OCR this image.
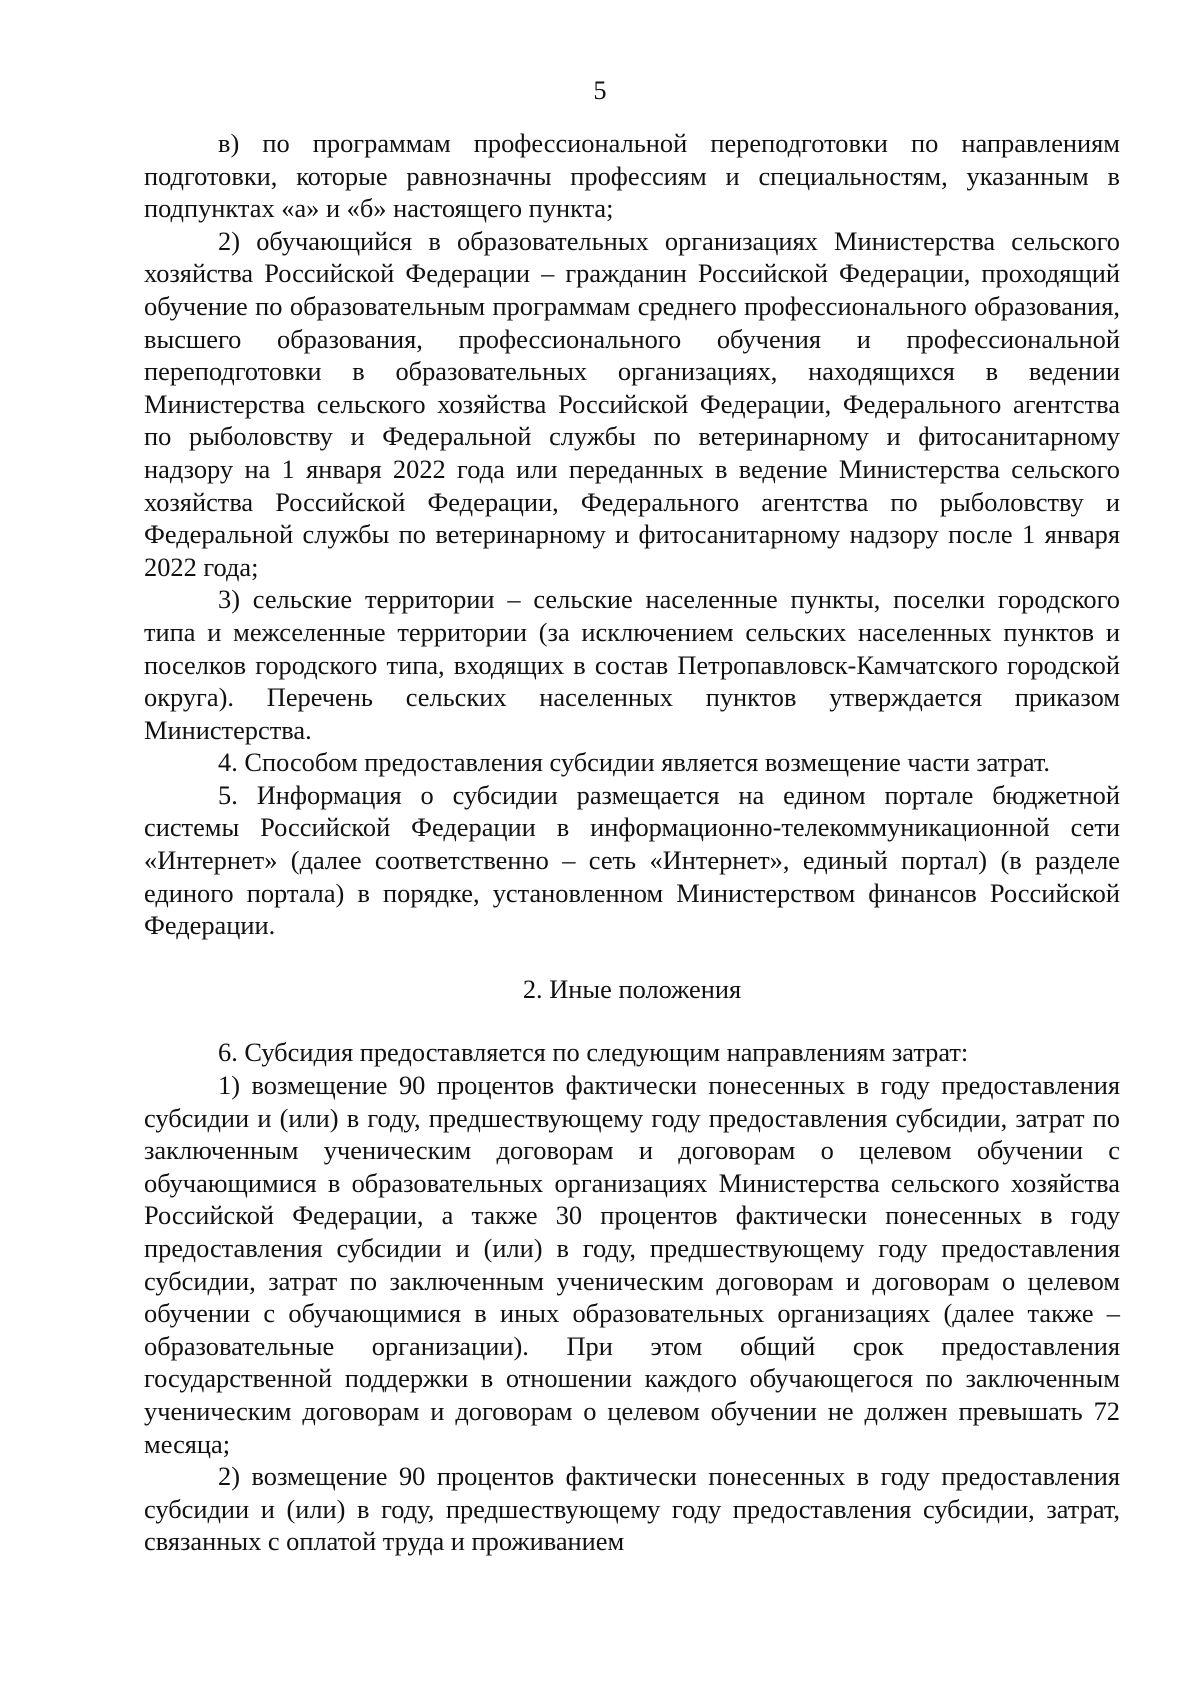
5

в) по программам профессиональной переподготовки по направлениям подготовки, которые равнозначны профессиям и специальностям, указанным в подпунктах «а» и «б» настоящего пункта;

2) обучающийся в образовательных организациях Министерства сельского хозяйства Российской Федерации – гражданин Российской Федерации, проходящий обучение по образовательным программам среднего профессионального образования, высшего образования, профессионального обучения и профессиональной переподготовки в образовательных организациях, находящихся в ведении Министерства сельского хозяйства Российской Федерации, Федерального агентства по рыболовству и Федеральной службы по ветеринарному и фитосанитарному надзору на 1 января 2022 года или переданных в ведение Министерства сельского хозяйства Российской Федерации, Федерального агентства по рыболовству и Федеральной службы по ветеринарному и фитосанитарному надзору после 1 января 2022 года;

3) сельские территории – сельские населенные пункты, поселки городского типа и межселенные территории (за исключением сельских населенных пунктов и поселков городского типа, входящих в состав Петропавловск-Камчатского городской округа). Перечень сельских населенных пунктов утверждается приказом Министерства.

4. Способом предоставления субсидии является возмещение части затрат.

5. Информация о субсидии размещается на едином портале бюджетной системы Российской Федерации в информационно-телекоммуникационной сети «Интернет» (далее соответственно – сеть «Интернет», единый портал) (в разделе единого портала) в порядке, установленном Министерством финансов Российской Федерации.

2. Иные положения

6. Субсидия предоставляется по следующим направлениям затрат:

1) возмещение 90 процентов фактически понесенных в году предоставления субсидии и (или) в году, предшествующему году предоставления субсидии, затрат по заключенным ученическим договорам и договорам о целевом обучении с обучающимися в образовательных организациях Министерства сельского хозяйства Российской Федерации, а также 30 процентов фактически понесенных в году предоставления субсидии и (или) в году, предшествующему году предоставления субсидии, затрат по заключенным ученическим договорам и договорам о целевом обучении с обучающимися в иных образовательных организациях (далее также – образовательные организации). При этом общий срок предоставления государственной поддержки в отношении каждого обучающегося по заключенным ученическим договорам и договорам о целевом обучении не должен превышать 72 месяца;

2) возмещение 90 процентов фактически понесенных в году предоставления субсидии и (или) в году, предшествующему году предоставления субсидии, затрат, связанных с оплатой труда и проживанием
